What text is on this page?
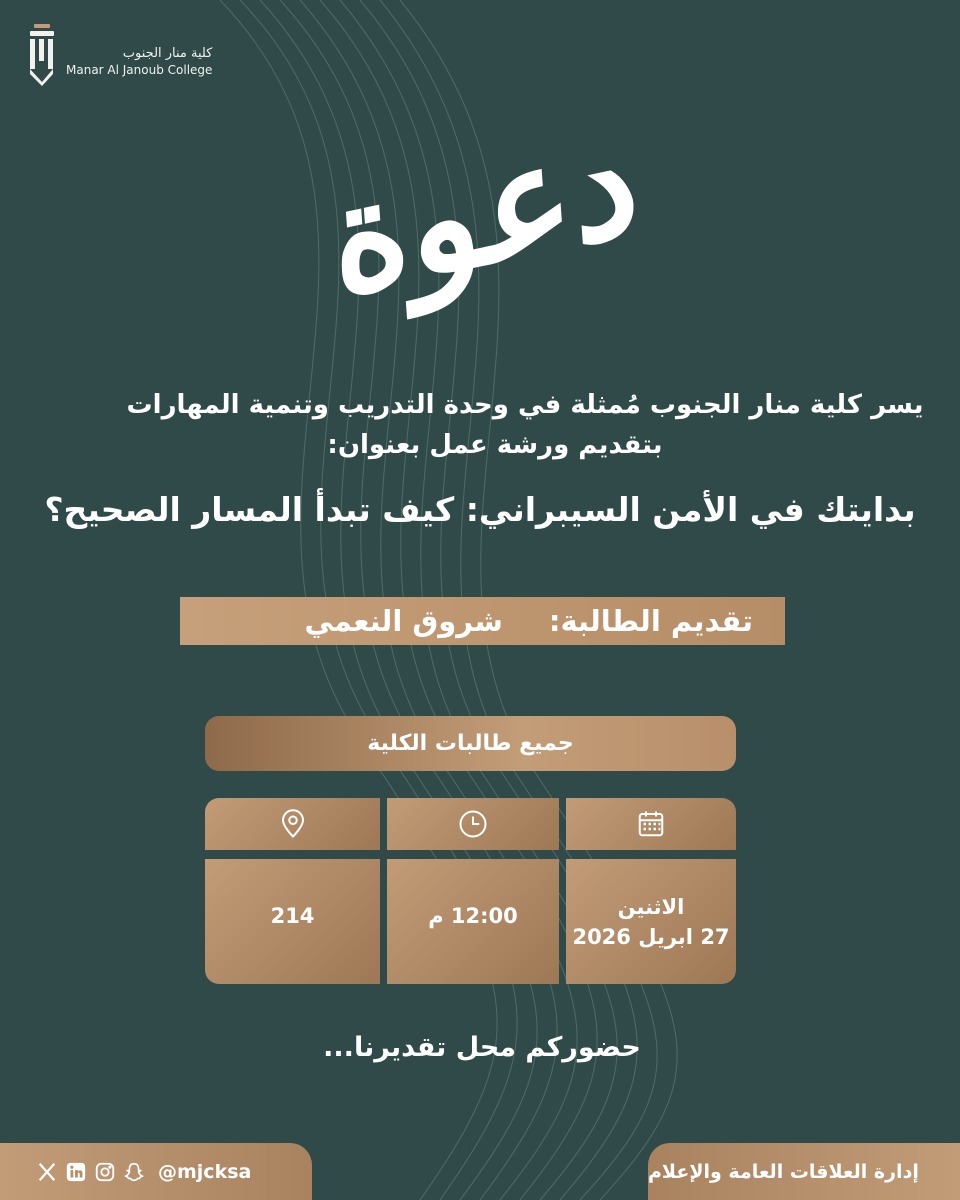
كلية منار الجنوب
Manar Al Janoub College
دعوة
يسر كلية منار الجنوب مُمثلة في وحدة التدريب وتنمية المهارات
بتقديم ورشة عمل بعنوان:
بدايتك في الأمن السيبراني: كيف تبدأ المسار الصحيح؟
تقديم الطالبة:
شروق النعمي
جميع طالبات الكلية
214	12:00 م	الاثنين
27 ابريل 2026
حضوركم محل تقديرنا...
@mjcksa	إدارة العلاقات العامة والإعلام
